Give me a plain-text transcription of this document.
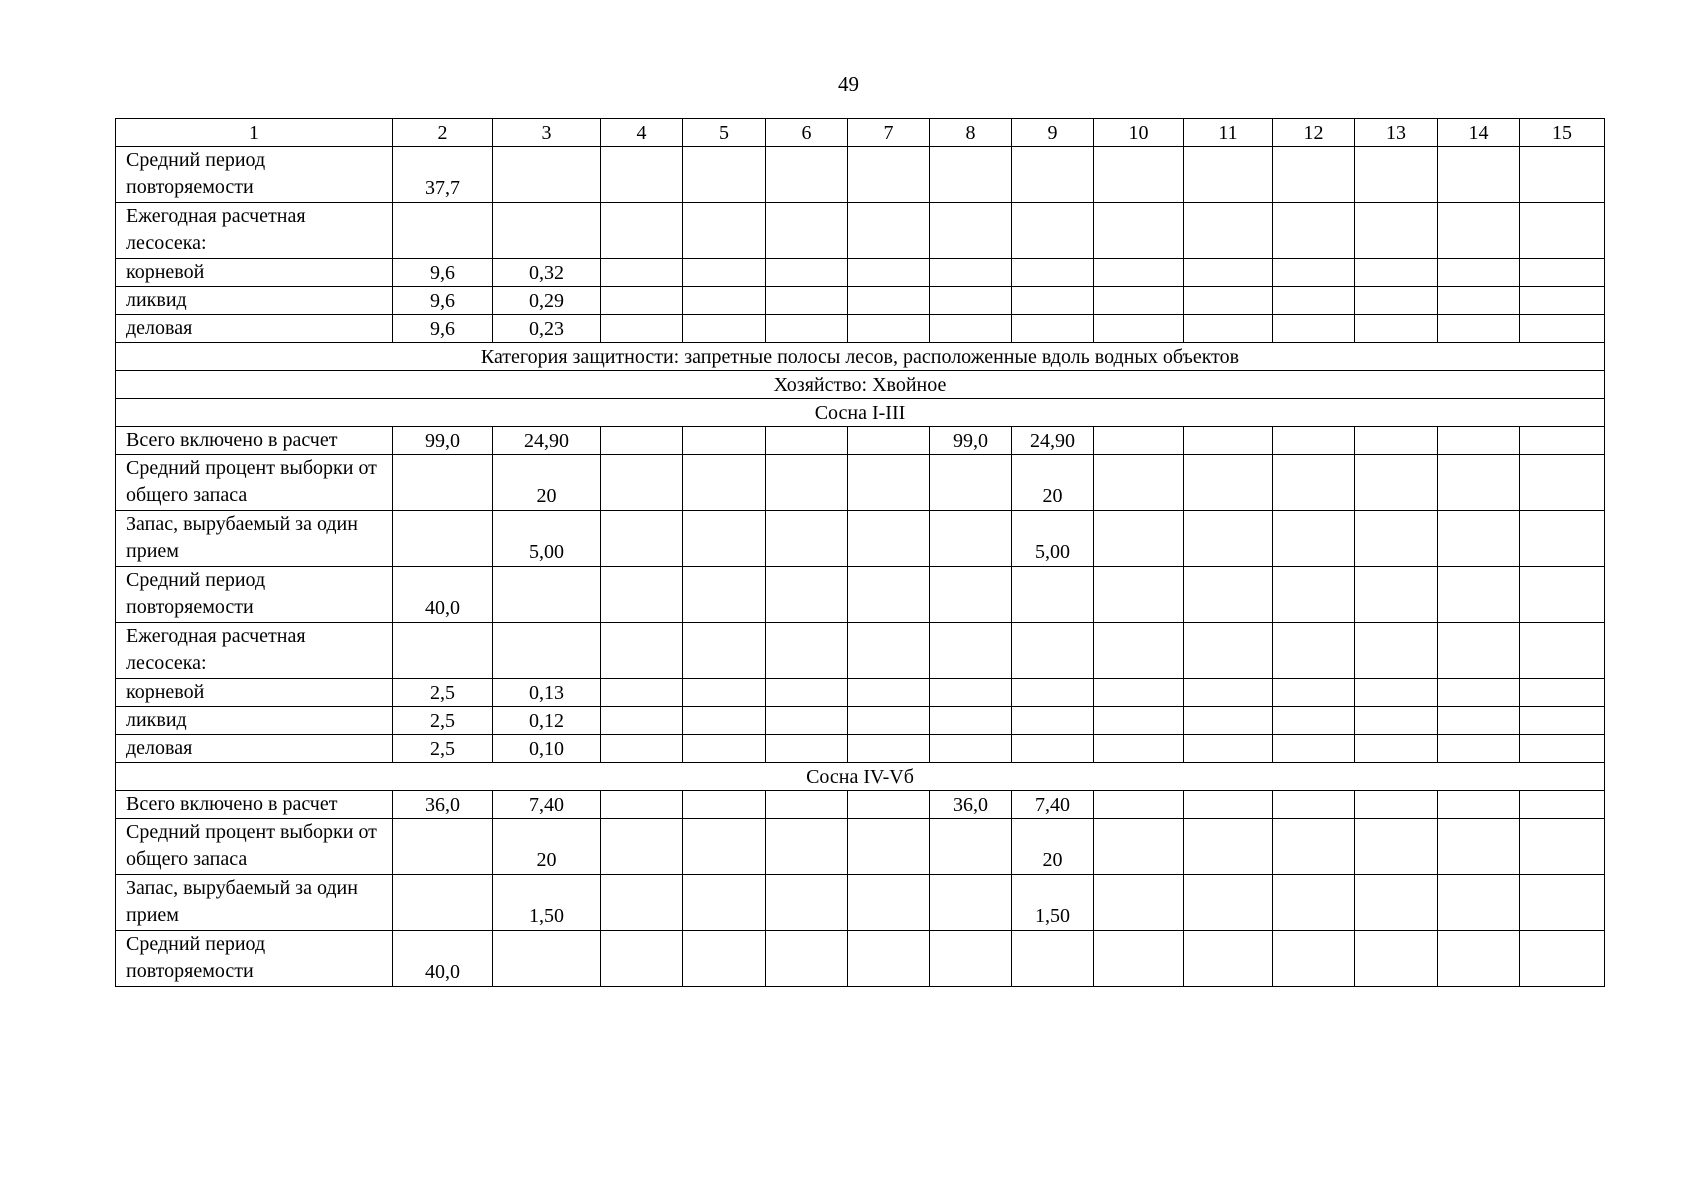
49
1	2	3	4	5	6	7	8	9	10	11	12	13	14	15
Средний период повторяемости	37,7													
Ежегодная расчетная лесосека:														
корневой	9,6	0,32												
ликвид	9,6	0,29												
деловая	9,6	0,23												
Категория защитности: запретные полосы лесов, расположенные вдоль водных объектов														
Хозяйство: Хвойное														
Сосна I-III														
Всего включено в расчет	99,0	24,90					99,0	24,90						
Средний процент выборки от общего запаса		20						20						
Запас, вырубаемый за один прием		5,00						5,00						
Средний период повторяемости	40,0													
Ежегодная расчетная лесосека:														
корневой	2,5	0,13												
ликвид	2,5	0,12												
деловая	2,5	0,10												
Сосна IV-Vб														
Всего включено в расчет	36,0	7,40					36,0	7,40						
Средний процент выборки от общего запаса		20						20						
Запас, вырубаемый за один прием		1,50						1,50						
Средний период повторяемости	40,0													
